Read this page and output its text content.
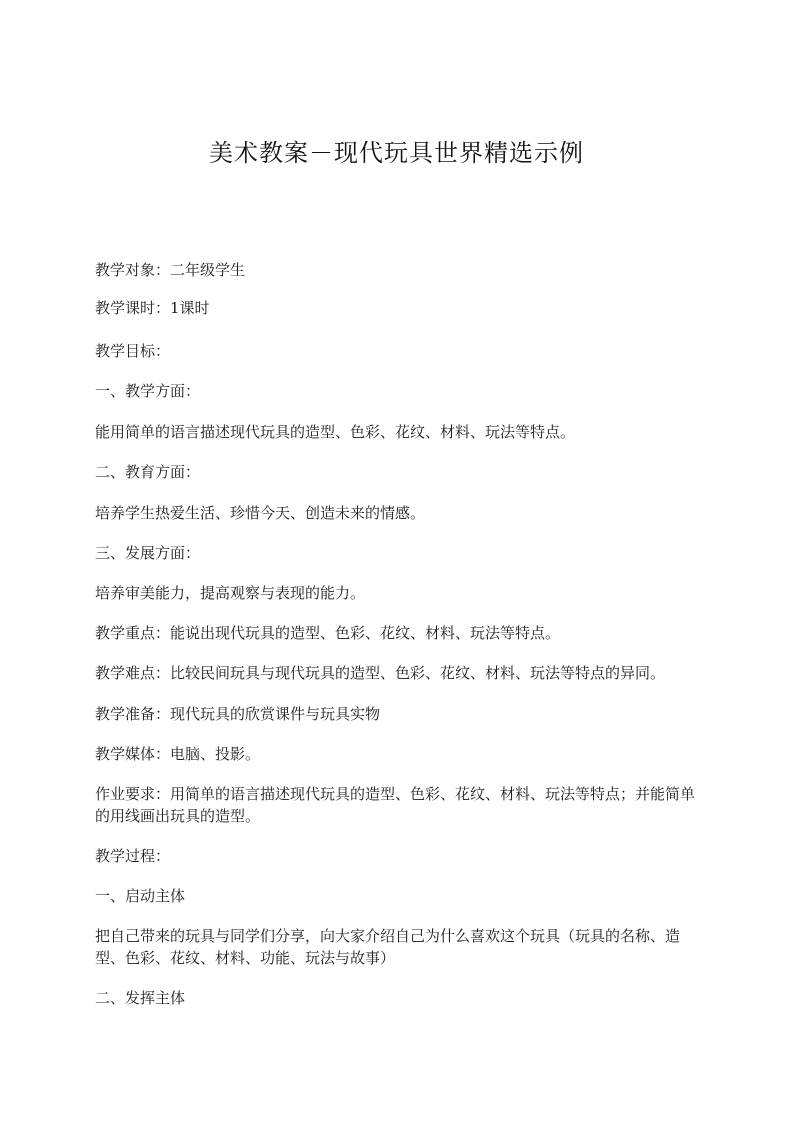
美术教案－现代玩具世界精选示例

教学对象：二年级学生

教学课时：1课时

教学目标：

一、教学方面：

能用简单的语言描述现代玩具的造型、色彩、花纹、材料、玩法等特点。

二、教育方面：

培养学生热爱生活、珍惜今天、创造未来的情感。

三、发展方面：

培养审美能力，提高观察与表现的能力。

教学重点：能说出现代玩具的造型、色彩、花纹、材料、玩法等特点。

教学难点：比较民间玩具与现代玩具的造型、色彩、花纹、材料、玩法等特点的异同。

教学准备：现代玩具的欣赏课件与玩具实物

教学媒体：电脑、投影。

作业要求：用简单的语言描述现代玩具的造型、色彩、花纹、材料、玩法等特点；并能简单的用线画出玩具的造型。

教学过程：

一、启动主体

把自己带来的玩具与同学们分享，向大家介绍自己为什么喜欢这个玩具（玩具的名称、造型、色彩、花纹、材料、功能、玩法与故事）

二、发挥主体
